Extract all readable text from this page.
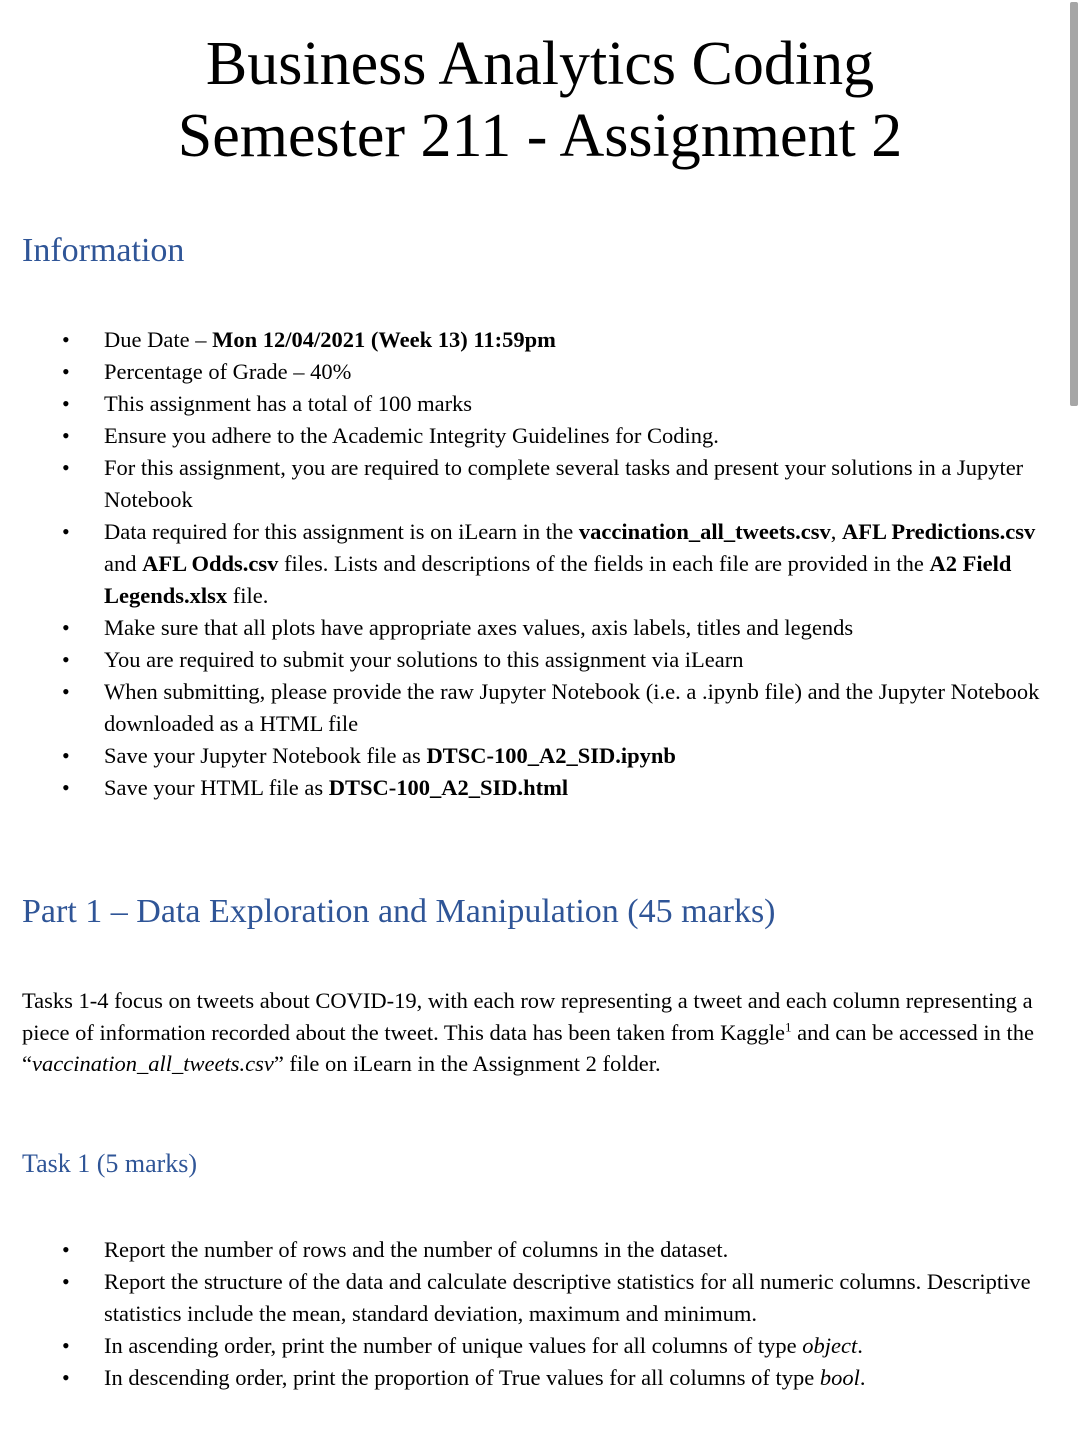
Business Analytics Coding
Semester 211 - Assignment 2
Information
• Due Date – Mon 12/04/2021 (Week 13) 11:59pm
• Percentage of Grade – 40%
• This assignment has a total of 100 marks
• Ensure you adhere to the Academic Integrity Guidelines for Coding.
• For this assignment, you are required to complete several tasks and present your solutions in a Jupyter Notebook
• Data required for this assignment is on iLearn in the vaccination_all_tweets.csv, AFL Predictions.csv and AFL Odds.csv files. Lists and descriptions of the fields in each file are provided in the A2 Field Legends.xlsx file.
• Make sure that all plots have appropriate axes values, axis labels, titles and legends
• You are required to submit your solutions to this assignment via iLearn
• When submitting, please provide the raw Jupyter Notebook (i.e. a .ipynb file) and the Jupyter Notebook downloaded as a HTML file
• Save your Jupyter Notebook file as DTSC-100_A2_SID.ipynb
• Save your HTML file as DTSC-100_A2_SID.html
Part 1 – Data Exploration and Manipulation (45 marks)

Tasks 1-4 focus on tweets about COVID-19, with each row representing a tweet and each column representing a piece of information recorded about the tweet. This data has been taken from Kaggle$^1$ and can be accessed in the “vaccination_all_tweets.csv” file on iLearn in the Assignment 2 folder.

Task 1 (5 marks)
• Report the number of rows and the number of columns in the dataset.
• Report the structure of the data and calculate descriptive statistics for all numeric columns. Descriptive statistics include the mean, standard deviation, maximum and minimum.
• In ascending order, print the number of unique values for all columns of type object.
• In descending order, print the proportion of True values for all columns of type bool.
